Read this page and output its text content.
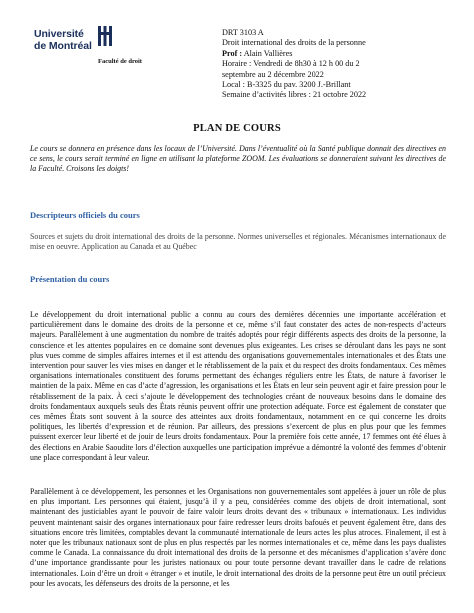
Université
de Montréal
Faculté de droit
DRT 3103 A
Droit international des droits de la personne
Prof : Alain Vallières
Horaire : Vendredi de 8h30 à 12 h 00 du 2
septembre au 2 décembre 2022
Local : B-3325 du pav. 3200 J.-Brillant
Semaine d’activités libres : 21 octobre 2022
PLAN DE COURS
Le cours se donnera en présence dans les locaux de l’Université. Dans l’éventualité où la Santé publique donnait des directives en ce sens, le cours serait terminé en ligne en utilisant la plateforme ZOOM. Les évaluations se donneraient suivant les directives de la Faculté. Croisons les doigts!
Descripteurs officiels du cours
Sources et sujets du droit international des droits de la personne. Normes universelles et régionales. Mécanismes internationaux de mise en oeuvre. Application au Canada et au Québec
Présentation du cours
Le développement du droit international public a connu au cours des dernières décennies une importante accélération et particulièrement dans le domaine des droits de la personne et ce, même s’il faut constater des actes de non-respects d’acteurs majeurs. Parallèlement à une augmentation du nombre de traités adoptés pour régir différents aspects des droits de la personne, la conscience et les attentes populaires en ce domaine sont devenues plus exigeantes. Les crises se déroulant dans les pays ne sont plus vues comme de simples affaires internes et il est attendu des organisations gouvernementales internationales et des États une intervention pour sauver les vies mises en danger et le rétablissement de la paix et du respect des droits fondamentaux. Ces mêmes organisations internationales constituent des forums permettant des échanges réguliers entre les États, de nature à favoriser le maintien de la paix. Même en cas d’acte d’agression, les organisations et les États en leur sein peuvent agir et faire pression pour le rétablissement de la paix. À ceci s’ajoute le développement des technologies créant de nouveaux besoins dans le domaine des droits fondamentaux auxquels seuls des États réunis peuvent offrir une protection adéquate. Force est également de constater que ces mêmes États sont souvent à la source des atteintes aux droits fondamentaux, notamment en ce qui concerne les droits politiques, les libertés d’expression et de réunion. Par ailleurs, des pressions s’exercent de plus en plus pour que les femmes puissent exercer leur liberté et de jouir de leurs droits fondamentaux. Pour la première fois cette année, 17 femmes ont été élues à des élections en Arabie Saoudite lors d’élection auxquelles une participation imprévue a démontré la volonté des femmes d’obtenir une place correspondant à leur valeur.
Parallèlement à ce développement, les personnes et les Organisations non gouvernementales sont appelées à jouer un rôle de plus en plus important. Les personnes qui étaient, jusqu’à il y a peu, considérées comme des objets de droit international, sont maintenant des justiciables ayant le pouvoir de faire valoir leurs droits devant des « tribunaux » internationaux. Les individus peuvent maintenant saisir des organes internationaux pour faire redresser leurs droits bafoués et peuvent également être, dans des situations encore très limitées, comptables devant la communauté internationale de leurs actes les plus atroces. Finalement, il est à noter que les tribunaux nationaux sont de plus en plus respectés par les normes internationales et ce, même dans les pays dualistes comme le Canada. La connaissance du droit international des droits de la personne et des mécanismes d’application s’avère donc d’une importance grandissante pour les juristes nationaux ou pour toute personne devant travailler dans le cadre de relations internationales. Loin d’être un droit « étranger » et inutile, le droit international des droits de la personne peut être un outil précieux pour les avocats, les défenseurs des droits de la personne, et les
